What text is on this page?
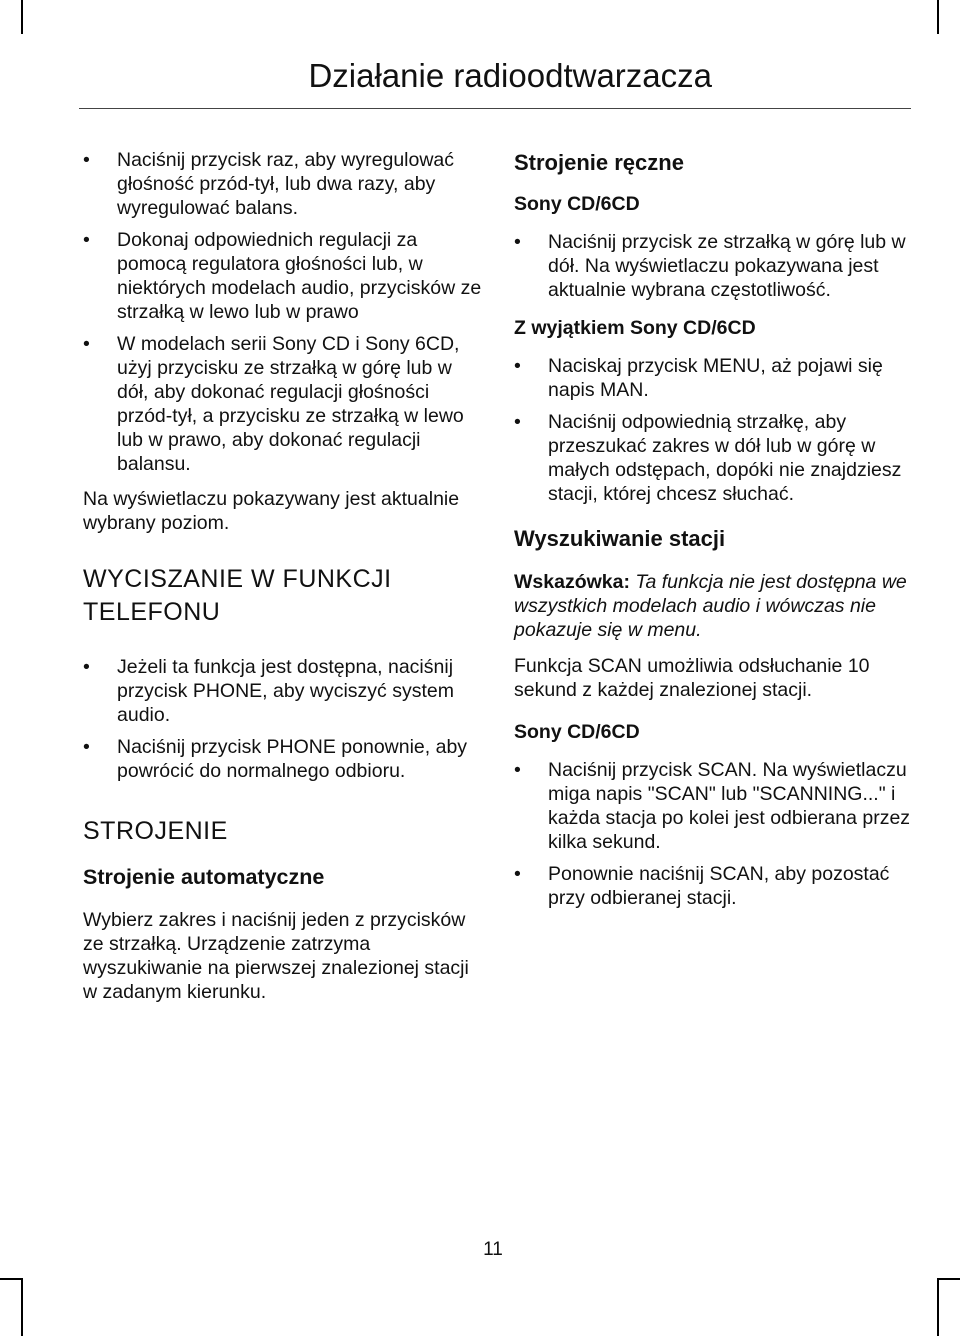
Działanie radioodtwarzacza
• Naciśnij przycisk raz, aby wyregulować głośność przód-tył, lub dwa razy, aby wyregulować balans.
• Dokonaj odpowiednich regulacji za pomocą regulatora głośności lub, w niektórych modelach audio, przycisków ze strzałką w lewo lub w prawo
• W modelach serii Sony CD i Sony 6CD, użyj przycisku ze strzałką w górę lub w dół, aby dokonać regulacji głośności przód-tył, a przycisku ze strzałką w lewo lub w prawo, aby dokonać regulacji balansu.

Na wyświetlaczu pokazywany jest aktualnie wybrany poziom.

WYCISZANIE W FUNKCJI TELEFONU
• Jeżeli ta funkcja jest dostępna, naciśnij przycisk PHONE, aby wyciszyć system audio.
• Naciśnij przycisk PHONE ponownie, aby powrócić do normalnego odbioru.
STROJENIE
Strojenie automatyczne

Wybierz zakres i naciśnij jeden z przycisków ze strzałką. Urządzenie zatrzyma wyszukiwanie na pierwszej znalezionej stacji w zadanym kierunku.

Strojenie ręczne
Sony CD/6CD
• Naciśnij przycisk ze strzałką w górę lub w dół. Na wyświetlaczu pokazywana jest aktualnie wybrana częstotliwość.
Z wyjątkiem Sony CD/6CD
• Naciskaj przycisk MENU, aż pojawi się napis MAN.
• Naciśnij odpowiednią strzałkę, aby przeszukać zakres w dół lub w górę w małych odstępach, dopóki nie znajdziesz stacji, której chcesz słuchać.
Wyszukiwanie stacji

Wskazówka: Ta funkcja nie jest dostępna we wszystkich modelach audio i wówczas nie pokazuje się w menu.

Funkcja SCAN umożliwia odsłuchanie 10 sekund z każdej znalezionej stacji.

Sony CD/6CD
• Naciśnij przycisk SCAN. Na wyświetlaczu miga napis "SCAN" lub "SCANNING..." i każda stacja po kolei jest odbierana przez kilka sekund.
• Ponownie naciśnij SCAN, aby pozostać przy odbieranej stacji.
11
